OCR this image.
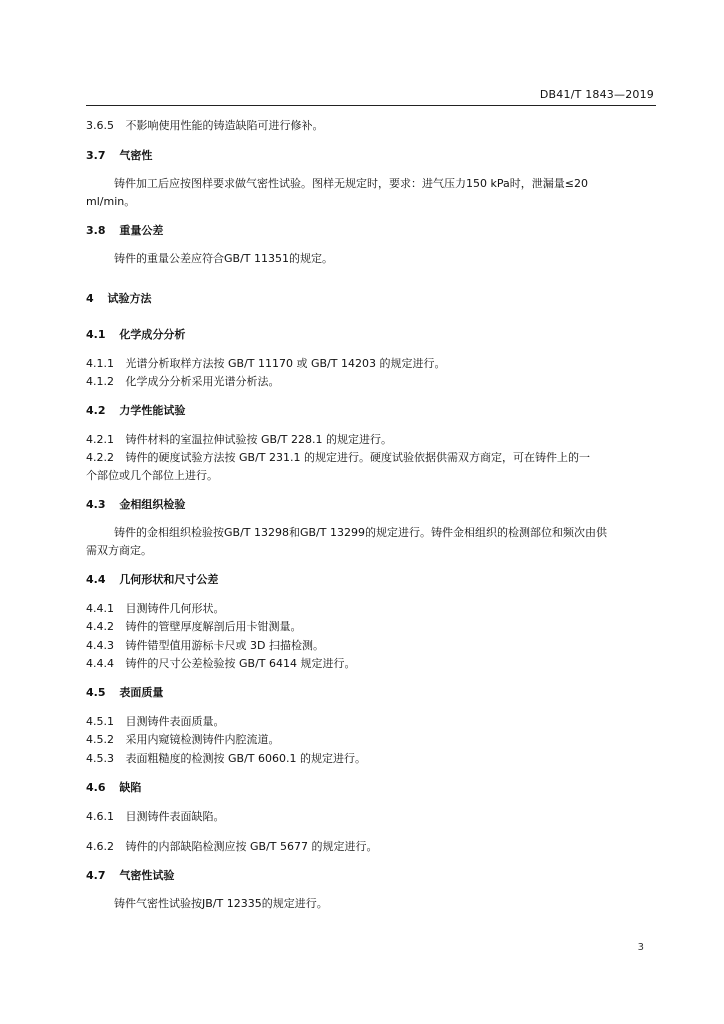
DB41/T 1843—2019
3.6.5 不影响使用性能的铸造缺陷可进行修补。
3.7 气密性
铸件加工后应按图样要求做气密性试验。图样无规定时，要求：进气压力150 kPa时，泄漏量≤20
ml/min。
3.8 重量公差
铸件的重量公差应符合GB/T 11351的规定。
4 试验方法
4.1 化学成分分析
4.1.1 光谱分析取样方法按 GB/T 11170 或 GB/T 14203 的规定进行。
4.1.2 化学成分分析采用光谱分析法。
4.2 力学性能试验
4.2.1 铸件材料的室温拉伸试验按 GB/T 228.1 的规定进行。
4.2.2 铸件的硬度试验方法按 GB/T 231.1 的规定进行。硬度试验依据供需双方商定，可在铸件上的一
个部位或几个部位上进行。
4.3 金相组织检验
铸件的金相组织检验按GB/T 13298和GB/T 13299的规定进行。铸件金相组织的检测部位和频次由供
需双方商定。
4.4 几何形状和尺寸公差
4.4.1 目测铸件几何形状。
4.4.2 铸件的管壁厚度解剖后用卡钳测量。
4.4.3 铸件错型值用游标卡尺或 3D 扫描检测。
4.4.4 铸件的尺寸公差检验按 GB/T 6414 规定进行。
4.5 表面质量
4.5.1 目测铸件表面质量。
4.5.2 采用内窥镜检测铸件内腔流道。
4.5.3 表面粗糙度的检测按 GB/T 6060.1 的规定进行。
4.6 缺陷
4.6.1 目测铸件表面缺陷。
4.6.2 铸件的内部缺陷检测应按 GB/T 5677 的规定进行。
4.7 气密性试验
铸件气密性试验按JB/T 12335的规定进行。
3
